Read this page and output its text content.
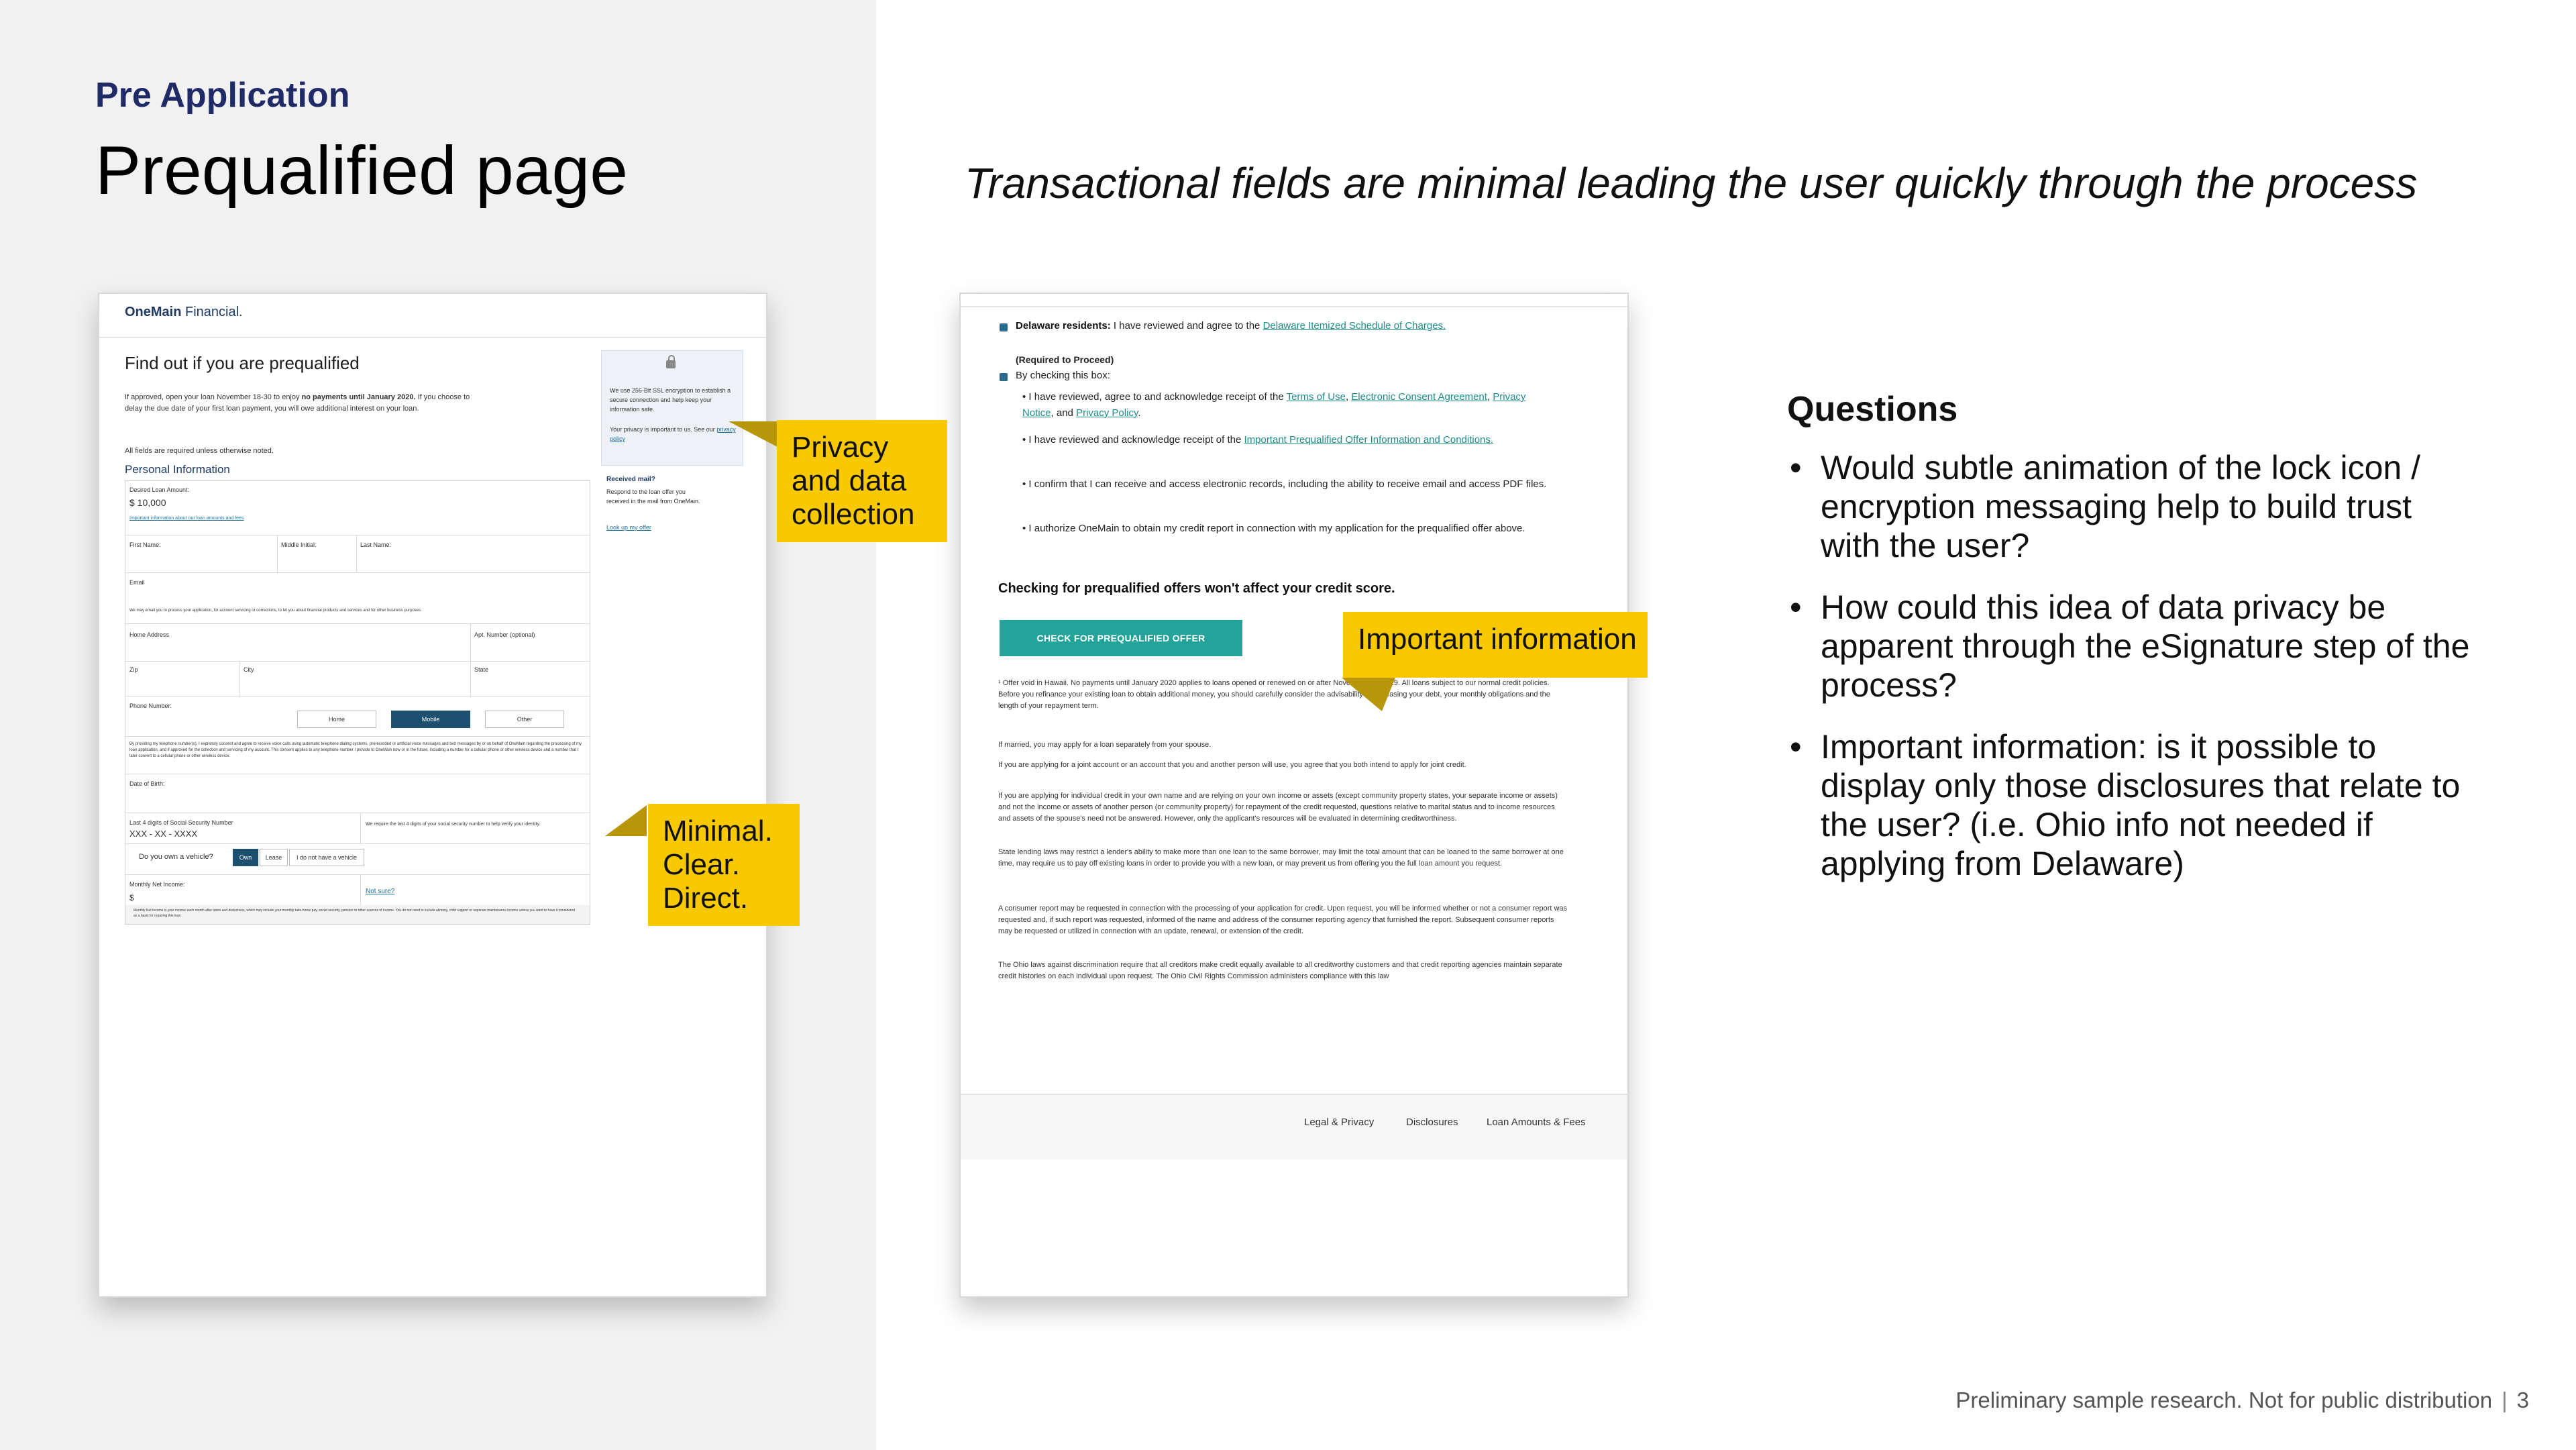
Pre Application
Prequalified page	Transactional fields are minimal leading the user quickly through the process
OneMain Financial.
Find out if you are prequalified
If approved, open your loan November 18-30 to enjoy no payments until January 2020. If you choose to delay the due date of your first loan payment, you will owe additional interest on your loan.
All fields are required unless otherwise noted.
Personal Information
Desired Loan Amount:
$ 10,000
Important information about our loan amounts and fees
First Name:	Middle Initial:	Last Name:
Email
We may email you to process your application, for account servicing or corrections, to let you about financial products and services and for other business purposes.
Home Address	Apt. Number (optional)
Zip	City	State
Phone Number:
Home	Mobile	Other
By providing my telephone number(s), I expressly consent and agree to receive voice calls using automatic telephone dialing systems, prerecorded or artificial voice messages and text messages by or on behalf of OneMain regarding the processing of my loan application, and if approved for the collection and servicing of my account. This consent applies to any telephone number I provide to OneMain now or in the future, including a number for a cellular phone or other wireless device and a number that I later convert to a cellular phone or other wireless device.
Date of Birth:
Last 4 digits of Social Security Number
XXX - XX - XXXX
We require the last 4 digits of your social security number to help verify your identity.
Do you own a vehicle?	Own	Lease	I do not have a vehicle
Monthly Net Income:
$
Not sure?
Monthly Net Income is your income each month after taxes and deductions, which may include your monthly take-home pay, social security, pension or other sources of income. You do not need to include alimony, child support or separate maintenance income unless you want to have it considered as a basis for repaying this loan.
We use 256-Bit SSL encryption to establish a secure connection and help keep your information safe.
Your privacy is important to us. See our privacy policy
Received mail?
Respond to the loan offer you received in the mail from OneMain.
Look up my offer
Delaware residents: I have reviewed and agree to the Delaware Itemized Schedule of Charges.
(Required to Proceed)
By checking this box:
• I have reviewed, agree to and acknowledge receipt of the Terms of Use, Electronic Consent Agreement, Privacy Notice, and Privacy Policy.
• I have reviewed and acknowledge receipt of the Important Prequalified Offer Information and Conditions.
• I confirm that I can receive and access electronic records, including the ability to receive email and access PDF files.
• I authorize OneMain to obtain my credit report in connection with my application for the prequalified offer above.
Checking for prequalified offers won't affect your credit score.
CHECK FOR PREQUALIFIED OFFER
¹ Offer void in Hawaii. No payments until January 2020 applies to loans opened or renewed on or after November 18, 2019. All loans subject to our normal credit policies. Before you refinance your existing loan to obtain additional money, you should carefully consider the advisability of increasing your debt, your monthly obligations and the length of your repayment term.
If married, you may apply for a loan separately from your spouse.
If you are applying for a joint account or an account that you and another person will use, you agree that you both intend to apply for joint credit.
If you are applying for individual credit in your own name and are relying on your own income or assets (except community property states, your separate income or assets) and not the income or assets of another person (or community property) for repayment of the credit requested, questions relative to marital status and to income resources and assets of the spouse's need not be answered. However, only the applicant's resources will be evaluated in determining creditworthiness.
State lending laws may restrict a lender's ability to make more than one loan to the same borrower, may limit the total amount that can be loaned to the same borrower at one time, may require us to pay off existing loans in order to provide you with a new loan, or may prevent us from offering you the full loan amount you request.
A consumer report may be requested in connection with the processing of your application for credit. Upon request, you will be informed whether or not a consumer report was requested and, if such report was requested, informed of the name and address of the consumer reporting agency that furnished the report. Subsequent consumer reports may be requested or utilized in connection with an update, renewal, or extension of the credit.
The Ohio laws against discrimination require that all creditors make credit equally available to all creditworthy customers and that credit reporting agencies maintain separate credit histories on each individual upon request. The Ohio Civil Rights Commission administers compliance with this law
Legal & Privacy	Disclosures	Loan Amounts & Fees
Privacy and data collection
Minimal. Clear. Direct.
Important information
Questions
• Would subtle animation of the lock icon / encryption messaging help to build trust with the user?
• How could this idea of data privacy be apparent through the eSignature step of the process?
• Important information: is it possible to display only those disclosures that relate to the user? (i.e. Ohio info not needed if applying from Delaware)
Preliminary sample research. Not for public distribution | 3
